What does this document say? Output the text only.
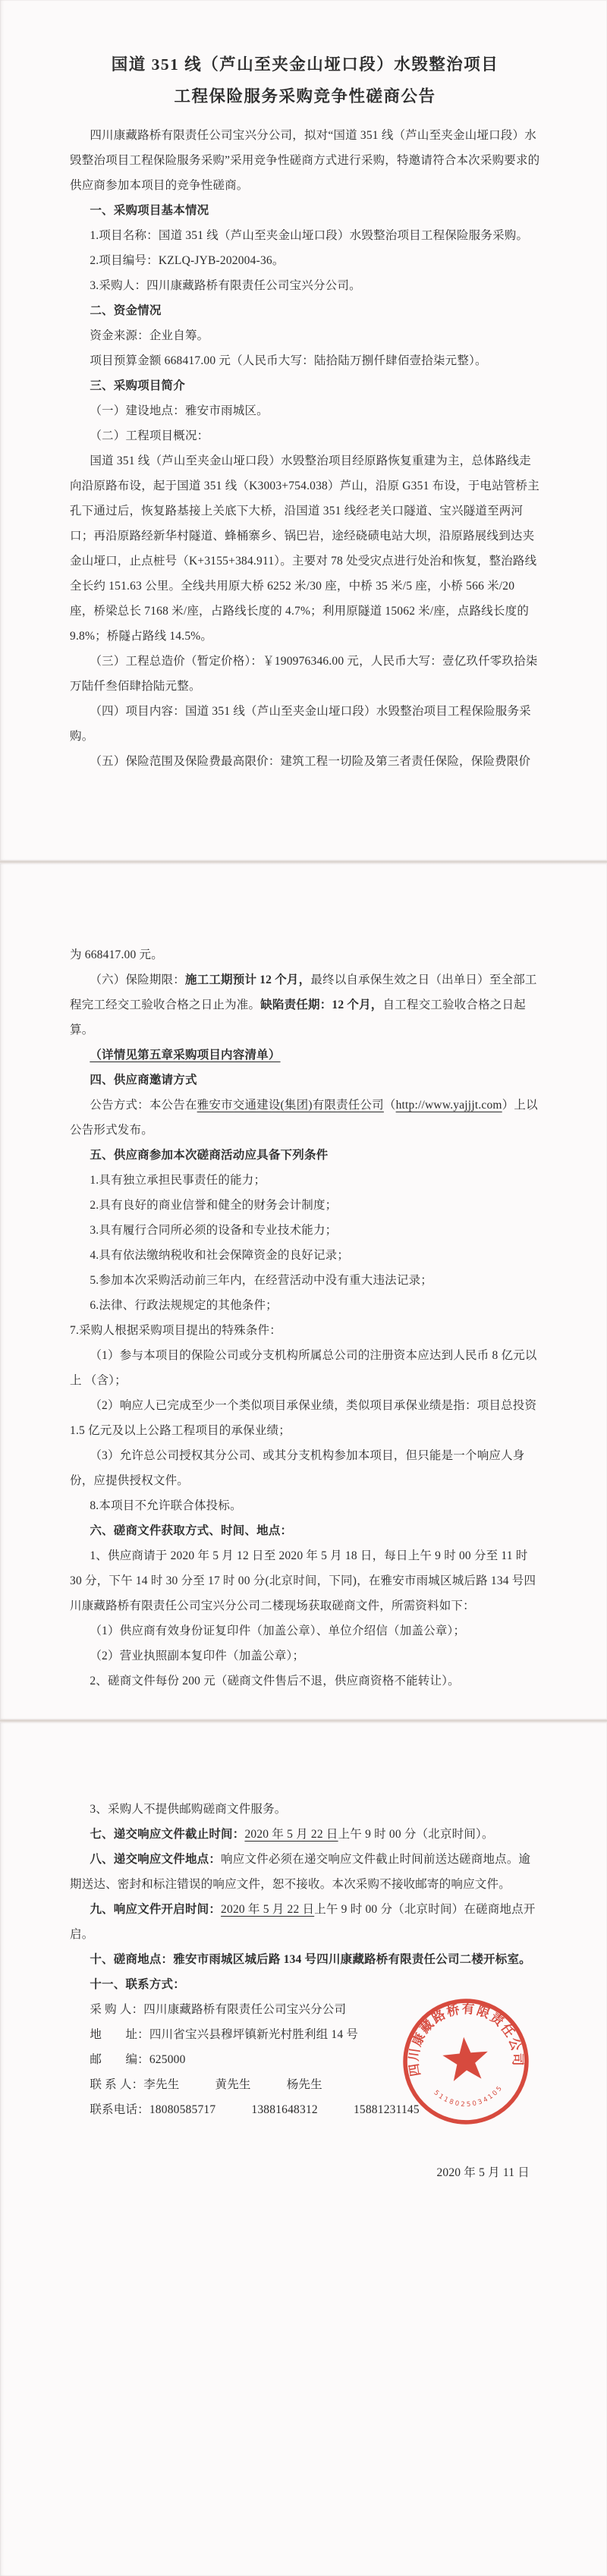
国道 351 线（芦山至夹金山垭口段）水毁整治项目

工程保险服务采购竞争性磋商公告

四川康藏路桥有限责任公司宝兴分公司，拟对“国道 351 线（芦山至夹金山垭口段）水毁整治项目工程保险服务采购”采用竞争性磋商方式进行采购，特邀请符合本次采购要求的供应商参加本项目的竞争性磋商。

一、采购项目基本情况

1.项目名称：国道 351 线（芦山至夹金山垭口段）水毁整治项目工程保险服务采购。

2.项目编号：KZLQ-JYB-202004-36。

3.采购人：四川康藏路桥有限责任公司宝兴分公司。

二、资金情况

资金来源：企业自筹。

项目预算金额 668417.00 元（人民币大写：陆拾陆万捌仟肆佰壹拾柒元整）。

三、采购项目简介

（一）建设地点：雅安市雨城区。

（二）工程项目概况：

国道 351 线（芦山至夹金山垭口段）水毁整治项目经原路恢复重建为主，总体路线走向沿原路布设，起于国道 351 线（K3003+754.038）芦山，沿原 G351 布设，于电站管桥主孔下通过后，恢复路基接上关底下大桥，沿国道 351 线经老关口隧道、宝兴隧道至两河口；再沿原路经新华村隧道、蜂桶寨乡、锅巴岩，途经硗碛电站大坝，沿原路展线到达夹金山垭口，止点桩号（K+3155+384.911）。主要对 78 处受灾点进行处治和恢复，整治路线全长约 151.63 公里。全线共用原大桥 6252 米/30 座，中桥 35 米/5 座，小桥 566 米/20 座，桥梁总长 7168 米/座，占路线长度的 4.7%；利用原隧道 15062 米/座，点路线长度的 9.8%；桥隧占路线 14.5%。

（三）工程总造价（暂定价格）：￥190976346.00 元，人民币大写：壹亿玖仟零玖拾柒万陆仟叁佰肆拾陆元整。

（四）项目内容：国道 351 线（芦山至夹金山垭口段）水毁整治项目工程保险服务采购。

（五）保险范围及保险费最高限价：建筑工程一切险及第三者责任保险，保险费限价

为 668417.00 元。

（六）保险期限：施工工期预计 12 个月，最终以自承保生效之日（出单日）至全部工程完工经交工验收合格之日止为准。缺陷责任期：12 个月，自工程交工验收合格之日起算。

（详情见第五章采购项目内容清单）

四、供应商邀请方式

公告方式：本公告在雅安市交通建设(集团)有限责任公司（http://www.yajjjt.com）上以公告形式发布。

五、供应商参加本次磋商活动应具备下列条件

1.具有独立承担民事责任的能力；

2.具有良好的商业信誉和健全的财务会计制度；

3.具有履行合同所必须的设备和专业技术能力；

4.具有依法缴纳税收和社会保障资金的良好记录；

5.参加本次采购活动前三年内，在经营活动中没有重大违法记录；

6.法律、行政法规规定的其他条件；

7.采购人根据采购项目提出的特殊条件：

（1）参与本项目的保险公司或分支机构所属总公司的注册资本应达到人民币 8 亿元以上 （含）；

（2）响应人已完成至少一个类似项目承保业绩，类似项目承保业绩是指：项目总投资 1.5 亿元及以上公路工程项目的承保业绩；

（3）允许总公司授权其分公司、或其分支机构参加本项目，但只能是一个响应人身份，应提供授权文件。

8.本项目不允许联合体投标。

六、磋商文件获取方式、时间、地点：

1、供应商请于 2020 年 5 月 12 日至 2020 年 5 月 18 日，每日上午 9 时 00 分至 11 时 30 分，下午 14 时 30 分至 17 时 00 分(北京时间，下同)，在雅安市雨城区城后路 134 号四川康藏路桥有限责任公司宝兴分公司二楼现场获取磋商文件，所需资料如下：

（1）供应商有效身份证复印件（加盖公章）、单位介绍信（加盖公章）；

（2）营业执照副本复印件（加盖公章）；

2、磋商文件每份 200 元（磋商文件售后不退，供应商资格不能转让）。

四川康藏路桥有限责任公司
5118025034105

3、采购人不提供邮购磋商文件服务。

七、递交响应文件截止时间：2020 年 5 月 22 日上午 9 时 00 分（北京时间）。

八、递交响应文件地点：响应文件必须在递交响应文件截止时间前送达磋商地点。逾期送达、密封和标注错误的响应文件，恕不接收。本次采购不接收邮寄的响应文件。

九、响应文件开启时间：2020 年 5 月 22 日上午 9 时 00 分（北京时间）在磋商地点开启。

十、磋商地点：雅安市雨城区城后路 134 号四川康藏路桥有限责任公司二楼开标室。

十一、联系方式：

采 购 人：四川康藏路桥有限责任公司宝兴分公司

地　　址：四川省宝兴县穆坪镇新光村胜利组 14 号

邮　　编：625000

联 系 人：李先生　　　黄先生　　　杨先生

联系电话：18080585717　　　13881648312　　　15881231145

2020 年 5 月 11 日
